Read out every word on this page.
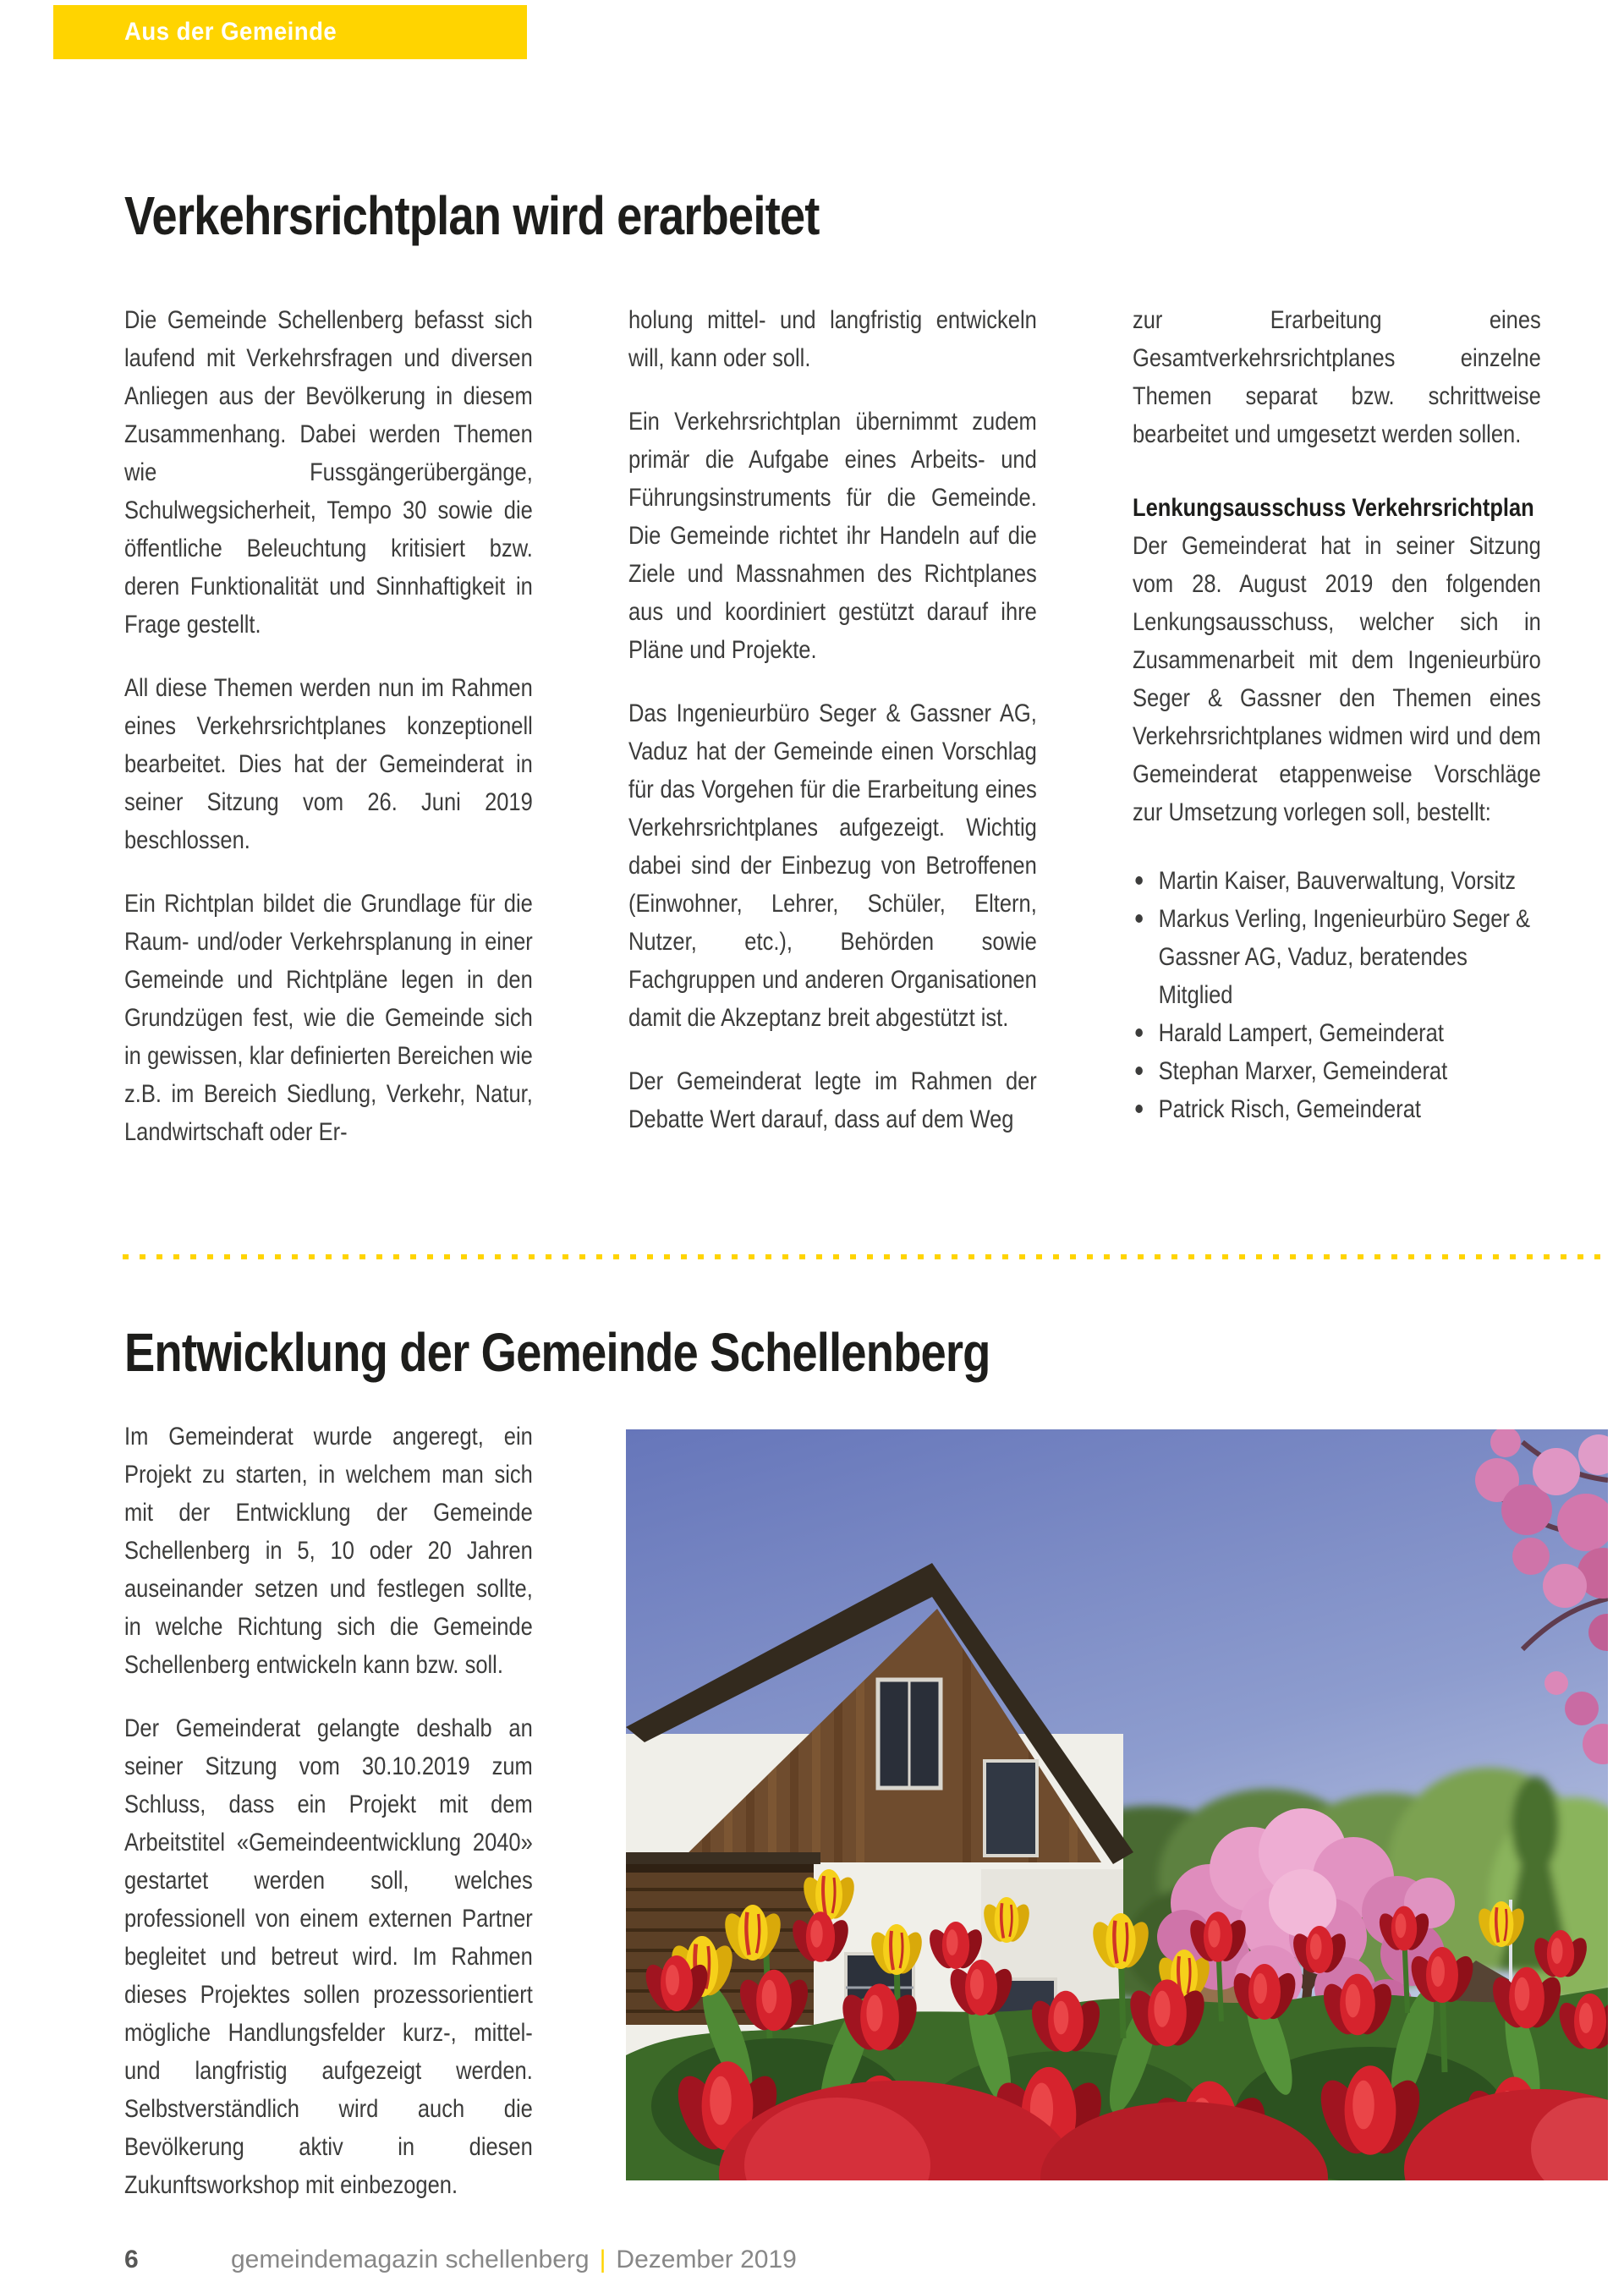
Aus der Gemeinde
Verkehrsrichtplan wird erarbeitet

Die Gemeinde Schellenberg befasst sich laufend mit Verkehrsfragen und diversen Anliegen aus der Bevölkerung in diesem Zusammenhang. Dabei werden Themen wie Fussgängerübergänge, Schulwegsicherheit, Tempo 30 sowie die öffentliche Beleuchtung kritisiert bzw. deren Funktionalität und Sinnhaftigkeit in Frage gestellt.

All diese Themen werden nun im Rahmen eines Verkehrsrichtplanes konzeptionell bearbeitet. Dies hat der Gemeinderat in seiner Sitzung vom 26. Juni 2019 beschlossen.

Ein Richtplan bildet die Grundlage für die Raum- und/oder Verkehrsplanung in einer Gemeinde und Richtpläne legen in den Grundzügen fest, wie die Gemeinde sich in gewissen, klar definierten Bereichen wie z.B. im Bereich Siedlung, Verkehr, Natur, Landwirtschaft oder Er-

holung mittel- und langfristig entwickeln will, kann oder soll.

Ein Verkehrsrichtplan übernimmt zudem primär die Aufgabe eines Arbeits- und Führungsinstruments für die Gemeinde. Die Gemeinde richtet ihr Handeln auf die Ziele und Massnahmen des Richtplanes aus und koordiniert gestützt darauf ihre Pläne und Projekte.

Das Ingenieurbüro Seger & Gassner AG, Vaduz hat der Gemeinde einen Vorschlag für das Vorgehen für die Erarbeitung eines Verkehrsrichtplanes aufgezeigt. Wichtig dabei sind der Einbezug von Betroffenen (Einwohner, Lehrer, Schüler, Eltern, Nutzer, etc.), Behörden sowie Fachgruppen und anderen Organisationen damit die Akzeptanz breit abgestützt ist.

Der Gemeinderat legte im Rahmen der Debatte Wert darauf, dass auf dem Weg

zur Erarbeitung eines Gesamtverkehrsrichtplanes einzelne Themen separat bzw. schrittweise bearbeitet und umgesetzt werden sollen.

Lenkungsausschuss Verkehrsrichtplan

Der Gemeinderat hat in seiner Sitzung vom 28. August 2019 den folgenden Lenkungsausschuss, welcher sich in Zusammenarbeit mit dem Ingenieurbüro Seger & Gassner den Themen eines Verkehrsrichtplanes widmen wird und dem Gemeinderat etappenweise Vorschläge zur Umsetzung vorlegen soll, bestellt:

Martin Kaiser, Bauverwaltung, Vorsitz
Markus Verling, Ingenieurbüro Seger & Gassner AG, Vaduz, beratendes Mitglied
Harald Lampert, Gemeinderat
Stephan Marxer, Gemeinderat
Patrick Risch, Gemeinderat
Entwicklung der Gemeinde Schellenberg

Im Gemeinderat wurde angeregt, ein Projekt zu starten, in welchem man sich mit der Entwicklung der Gemeinde Schellenberg in 5, 10 oder 20 Jahren auseinander setzen und festlegen sollte, in welche Richtung sich die Gemeinde Schellenberg entwickeln kann bzw. soll.

Der Gemeinderat gelangte deshalb an seiner Sitzung vom 30.10.2019 zum Schluss, dass ein Projekt mit dem Arbeitstitel «Gemeindeentwicklung 2040» gestartet werden soll, welches professionell von einem externen Partner begleitet und betreut wird. Im Rahmen dieses Projektes sollen prozessorientiert mögliche Handlungsfelder kurz-, mittel- und langfristig aufgezeigt werden. Selbstverständlich wird auch die Bevölkerung aktiv in diesen Zukunftsworkshop mit einbezogen.

6	gemeindemagazin schellenberg | Dezember 2019
